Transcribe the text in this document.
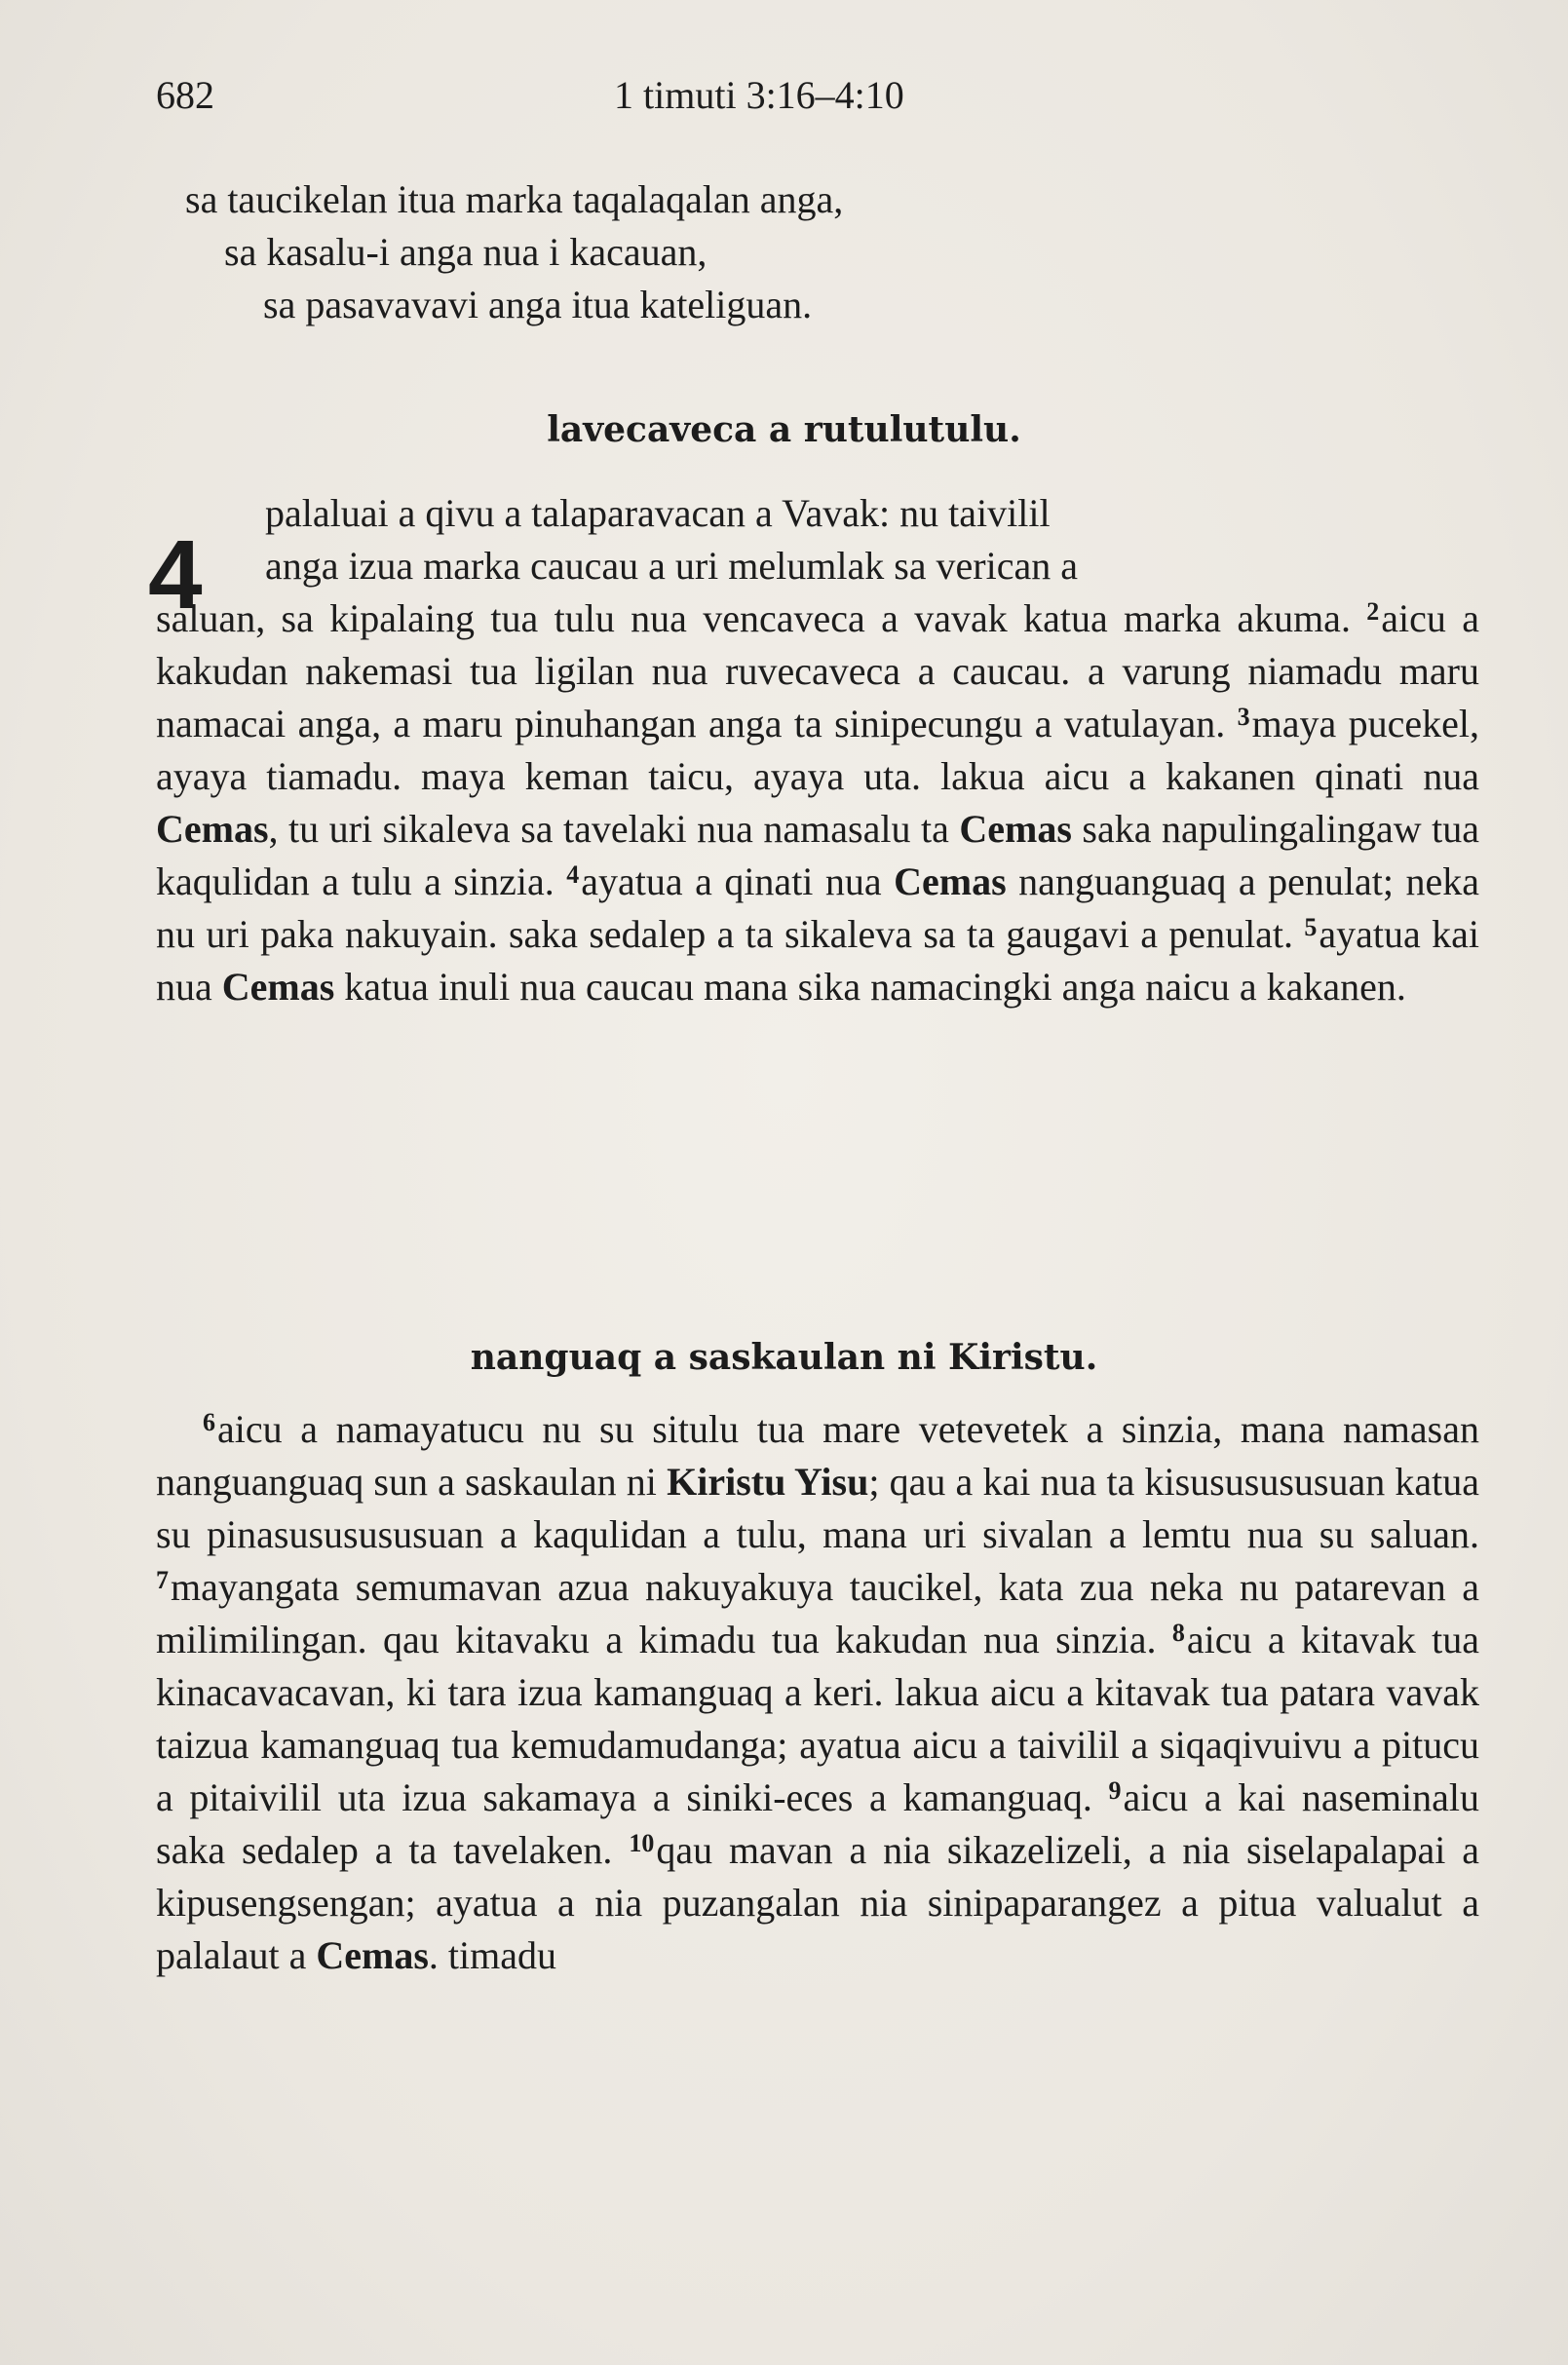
682	1 timuti 3:16–4:10
sa taucikelan itua marka taqalaqalan anga,
sa kasalu-i anga nua i kacauan,
sa pasavavavi anga itua kateliguan.
lavecaveca a rutulutulu.
4
palaluai a qivu a talaparavacan a Vavak: nu taivilil
anga izua marka caucau a uri melumlak sa verican a
saluan, sa kipalaing tua tulu nua vencaveca a vavak katua marka akuma. $^2$aicu a kakudan nakemasi tua ligilan nua ruvecaveca a caucau. a varung niamadu maru namacai anga, a maru pinuhangan anga ta sinipecungu a vatulayan. $^3$maya pucekel, ayaya tiamadu. maya keman taicu, ayaya uta. lakua aicu a kakanen qinati nua Cemas, tu uri sikaleva sa tavelaki nua namasalu ta Cemas saka napulingalingaw tua kaqulidan a tulu a sinzia. $^4$ayatua a qinati nua Cemas nanguanguaq a penulat; neka nu uri paka nakuyain. saka sedalep a ta sikaleva sa ta gaugavi a penulat. $^5$ayatua kai nua Cemas katua inuli nua caucau mana sika namacingki anga naicu a kakanen.
nanguaq a saskaulan ni Kiristu.
$^6$aicu a namayatucu nu su situlu tua mare vetevetek a sinzia, mana namasan nanguanguaq sun a saskaulan ni Kiristu Yisu; qau a kai nua ta kisususususuan katua su pinasususususuan a kaqulidan a tulu, mana uri sivalan a lemtu nua su saluan. $^7$mayangata semumavan azua nakuyakuya taucikel, kata zua neka nu patarevan a milimilingan. qau kitavaku a kimadu tua kakudan nua sinzia. $^8$aicu a kitavak tua kinacavacavan, ki tara izua kamanguaq a keri. lakua aicu a kitavak tua patara vavak taizua kamanguaq tua kemudamudanga; ayatua aicu a taivilil a siqaqivuivu a pitucu a pitaivilil uta izua sakamaya a siniki-eces a kamanguaq. $^9$aicu a kai naseminalu saka sedalep a ta tavelaken. $^{10}$qau mavan a nia sikazelizeli, a nia siselapalapai a kipusengsengan; ayatua a nia puzangalan nia sinipaparangez a pitua valualut a palalaut a Cemas. timadu
